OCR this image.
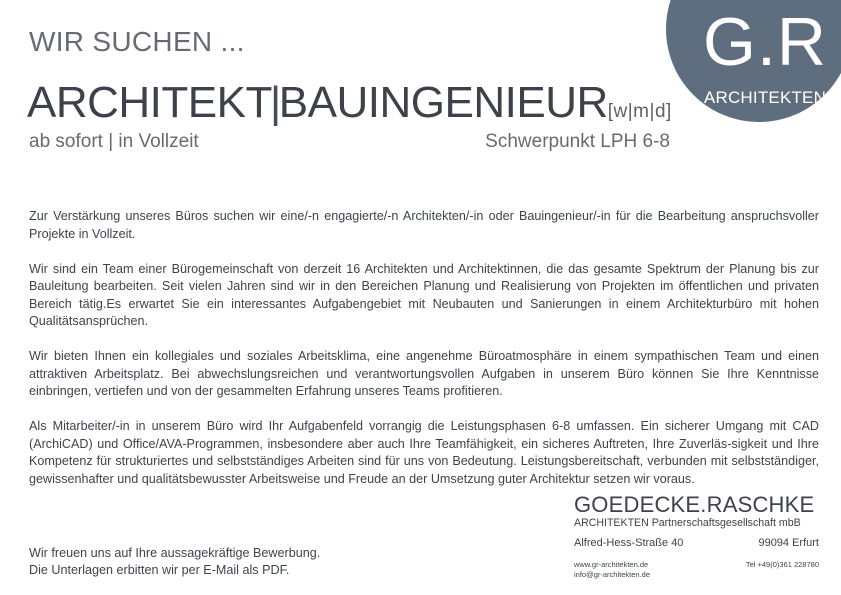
WIR SUCHEN ...
ARCHITEKT|BAUINGENIEUR[w|m|d]
ab sofort | in Vollzeit	Schwerpunkt LPH 6-8
G.R
ARCHITEKTEN

Zur Verstärkung unseres Büros suchen wir eine/-n engagierte/-n Architekten/-in oder Bauingenieur/-in für die Bearbeitung anspruchsvoller Projekte in Vollzeit.

Wir sind ein Team einer Bürogemeinschaft von derzeit 16 Architekten und Architektinnen, die das gesamte Spektrum der Planung bis zur Bauleitung bearbeiten. Seit vielen Jahren sind wir in den Bereichen Planung und Realisierung von Projekten im öffentlichen und privaten Bereich tätig.Es erwartet Sie ein interessantes Aufgabengebiet mit Neubauten und Sanierungen in einem Architekturbüro mit hohen Qualitätsansprüchen.

Wir bieten Ihnen ein kollegiales und soziales Arbeitsklima, eine angenehme Büroatmosphäre in einem sympathischen Team und einen attraktiven Arbeitsplatz. Bei abwechslungsreichen und verantwortungsvollen Aufgaben in unserem Büro können Sie Ihre Kenntnisse einbringen, vertiefen und von der gesammelten Erfahrung unseres Teams profitieren.

Als Mitarbeiter/-in in unserem Büro wird Ihr Aufgabenfeld vorrangig die Leistungsphasen 6-8 umfassen. Ein sicherer Umgang mit CAD (ArchiCAD) und Office/AVA-Programmen, insbesondere aber auch Ihre Teamfähigkeit, ein sicheres Auftreten, Ihre Zuverläs-sigkeit und Ihre Kompetenz für strukturiertes und selbstständiges Arbeiten sind für uns von Bedeutung. Leistungsbereitschaft, verbunden mit selbstständiger, gewissenhafter und qualitätsbewusster Arbeitsweise und Freude an der Umsetzung guter Architektur setzen wir voraus.

Wir freuen uns auf Ihre aussagekräftige Bewerbung.
Die Unterlagen erbitten wir per E-Mail als PDF.
GOEDECKE.RASCHKE
ARCHITEKTEN Partnerschaftsgesellschaft mbB
Alfred-Hess-Straße 40	99094 Erfurt
www.gr-architekten.de
info@gr-architekten.de
Tel +49(0)361 228780
